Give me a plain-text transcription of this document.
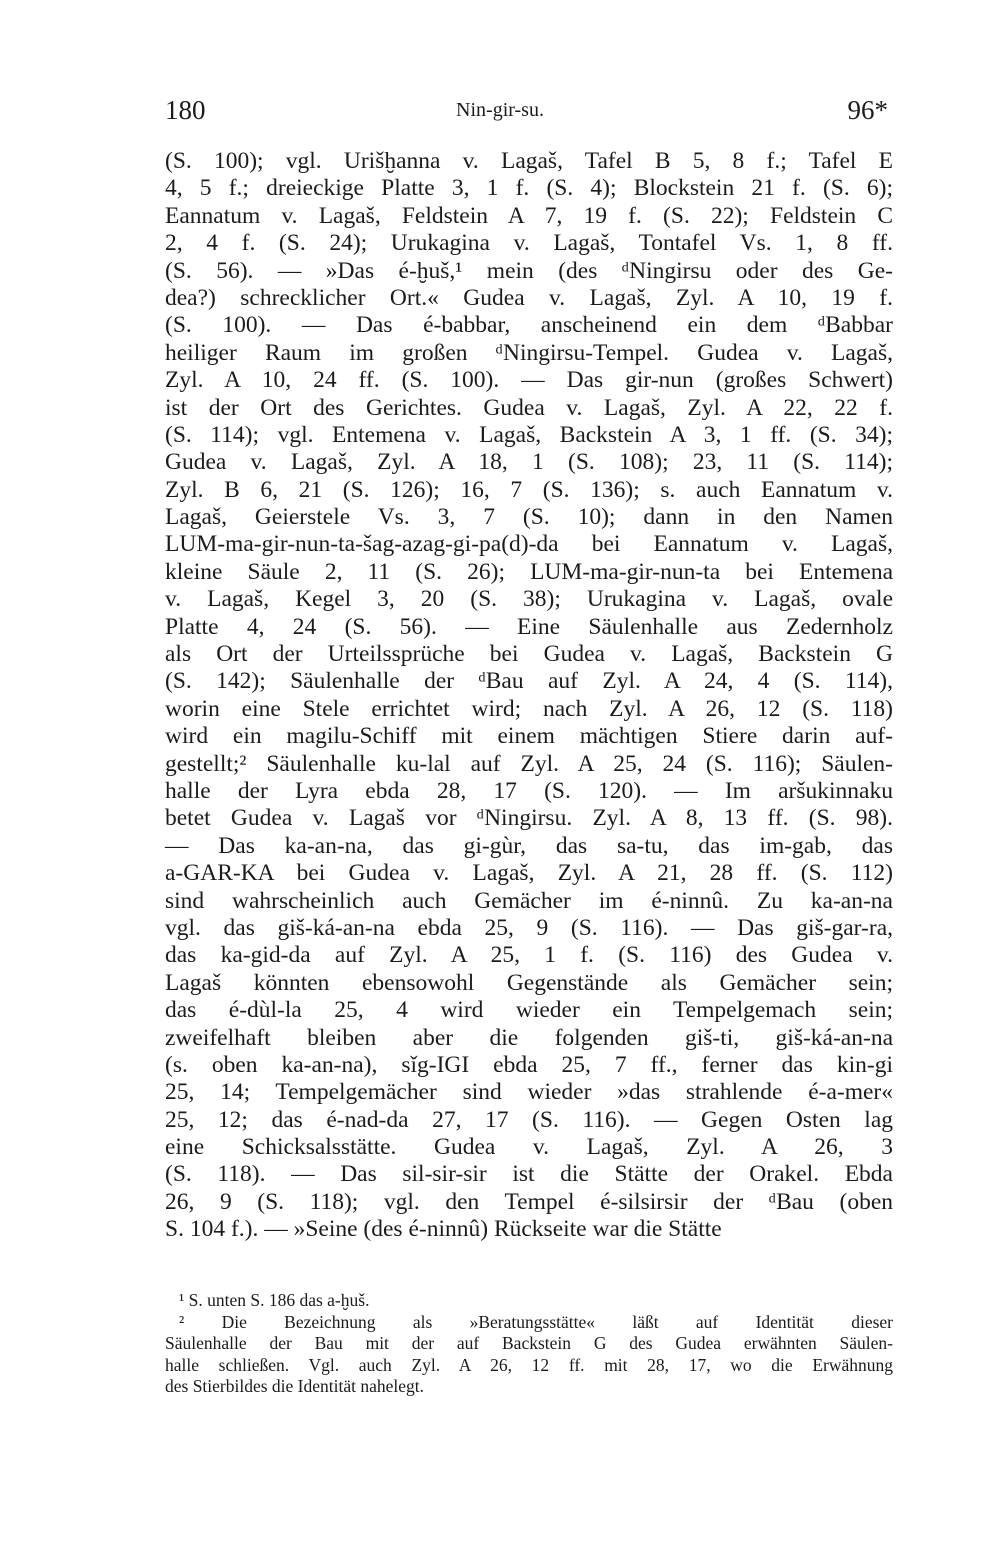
Nin-gir-su.
180	96*
(S. 100); vgl. Urišḫanna v. Lagaš, Tafel B 5, 8 f.; Tafel E
4, 5 f.; dreieckige Platte 3, 1 f. (S. 4); Blockstein 21 f. (S. 6);
Eannatum v. Lagaš, Feldstein A 7, 19 f. (S. 22); Feldstein C
2, 4 f. (S. 24); Urukagina v. Lagaš, Tontafel Vs. 1, 8 ff.
(S. 56). — »Das é-ḫuš,¹ mein (des ᵈNingirsu oder des Ge-
dea?) schrecklicher Ort.« Gudea v. Lagaš, Zyl. A 10, 19 f.
(S. 100). — Das é-babbar, anscheinend ein dem ᵈBabbar
heiliger Raum im großen ᵈNingirsu-Tempel. Gudea v. Lagaš,
Zyl. A 10, 24 ff. (S. 100). — Das gir-nun (großes Schwert)
ist der Ort des Gerichtes. Gudea v. Lagaš, Zyl. A 22, 22 f.
(S. 114); vgl. Entemena v. Lagaš, Backstein A 3, 1 ff. (S. 34);
Gudea v. Lagaš, Zyl. A 18, 1 (S. 108); 23, 11 (S. 114);
Zyl. B 6, 21 (S. 126); 16, 7 (S. 136); s. auch Eannatum v.
Lagaš, Geierstele Vs. 3, 7 (S. 10); dann in den Namen
LUM-ma-gir-nun-ta-šag-azag-gi-pa(d)-da bei Eannatum v. Lagaš,
kleine Säule 2, 11 (S. 26); LUM-ma-gir-nun-ta bei Entemena
v. Lagaš, Kegel 3, 20 (S. 38); Urukagina v. Lagaš, ovale
Platte 4, 24 (S. 56). — Eine Säulenhalle aus Zedernholz
als Ort der Urteilssprüche bei Gudea v. Lagaš, Backstein G
(S. 142); Säulenhalle der ᵈBau auf Zyl. A 24, 4 (S. 114),
worin eine Stele errichtet wird; nach Zyl. A 26, 12 (S. 118)
wird ein magilu-Schiff mit einem mächtigen Stiere darin auf-
gestellt;² Säulenhalle ku-lal auf Zyl. A 25, 24 (S. 116); Säulen-
halle der Lyra ebda 28, 17 (S. 120). — Im aršukinnaku
betet Gudea v. Lagaš vor ᵈNingirsu. Zyl. A 8, 13 ff. (S. 98).
— Das ka-an-na, das gi-gùr, das sa-tu, das im-gab, das
a-GAR-KA bei Gudea v. Lagaš, Zyl. A 21, 28 ff. (S. 112)
sind wahrscheinlich auch Gemächer im é-ninnû. Zu ka-an-na
vgl. das giš-ká-an-na ebda 25, 9 (S. 116). — Das giš-gar-ra,
das ka-gid-da auf Zyl. A 25, 1 f. (S. 116) des Gudea v.
Lagaš könnten ebensowohl Gegenstände als Gemächer sein;
das é-dùl-la 25, 4 wird wieder ein Tempelgemach sein;
zweifelhaft bleiben aber die folgenden giš-ti, giš-ká-an-na
(s. oben ka-an-na), sǐg-IGI ebda 25, 7 ff., ferner das kin-gi
25, 14; Tempelgemächer sind wieder »das strahlende é-a-mer«
25, 12; das é-nad-da 27, 17 (S. 116). — Gegen Osten lag
eine Schicksalsstätte. Gudea v. Lagaš, Zyl. A 26, 3
(S. 118). — Das sil-sir-sir ist die Stätte der Orakel. Ebda
26, 9 (S. 118); vgl. den Tempel é-silsirsir der ᵈBau (oben
S. 104 f.). — »Seine (des é-ninnû) Rückseite war die Stätte
¹ S. unten S. 186 das a-ḫuš.
² Die Bezeichnung als »Beratungsstätte« läßt auf Identität dieser
Säulenhalle der Bau mit der auf Backstein G des Gudea erwähnten Säulen-
halle schließen. Vgl. auch Zyl. A 26, 12 ff. mit 28, 17, wo die Erwähnung
des Stierbildes die Identität nahelegt.
